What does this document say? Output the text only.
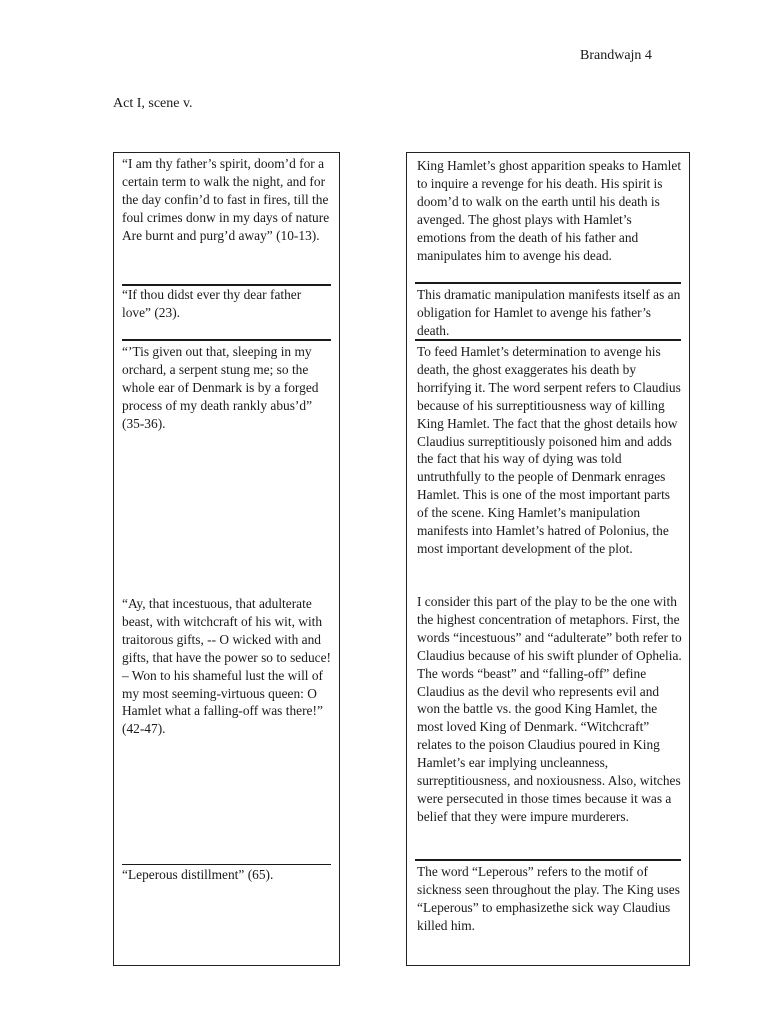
Brandwajn 4
Act I, scene v.
“I am thy father’s spirit, doom’d for a certain term to walk the night, and for the day confin’d to fast in fires, till the foul crimes donw in my days of nature Are burnt and purg’d away” (10-13).
“If thou didst ever thy dear father love” (23).
“’Tis given out that, sleeping in my orchard, a serpent stung me; so the whole ear of Denmark is by a forged process of my death rankly abus’d” (35-36).
“Ay, that incestuous, that adulterate beast, with witchcraft of his wit, with traitorous gifts, -- O wicked with and gifts, that have the power so to seduce! – Won to his shameful lust the will of my most seeming-virtuous queen: O Hamlet what a falling-off was there!” (42-47).
“Leperous distillment” (65).
King Hamlet’s ghost apparition speaks to Hamlet to inquire a revenge for his death. His spirit is doom’d to walk on the earth until his death is avenged. The ghost plays with Hamlet’s emotions from the death of his father and manipulates him to avenge his dead.
This dramatic manipulation manifests itself as an obligation for Hamlet to avenge his father’s death.
To feed Hamlet’s determination to avenge his death, the ghost exaggerates his death by horrifying it. The word serpent refers to Claudius because of his surreptitiousness way of killing King Hamlet. The fact that the ghost details how Claudius surreptitiously poisoned him and adds the fact that his way of dying was told untruthfully to the people of Denmark enrages Hamlet. This is one of the most important parts of the scene. King Hamlet’s manipulation manifests into Hamlet’s hatred of Polonius, the most important development of the plot.
I consider this part of the play to be the one with the highest concentration of metaphors. First, the words “incestuous” and “adulterate” both refer to Claudius because of his swift plunder of Ophelia. The words “beast” and “falling-off” define Claudius as the devil who represents evil and won the battle vs. the good King Hamlet, the most loved King of Denmark. “Witchcraft” relates to the poison Claudius poured in King Hamlet’s ear implying uncleanness, surreptitiousness, and noxiousness. Also, witches were persecuted in those times because it was a belief that they were impure murderers.
The word “Leperous” refers to the motif of sickness seen throughout the play. The King uses “Leperous” to emphasizethe sick way Claudius killed him.
